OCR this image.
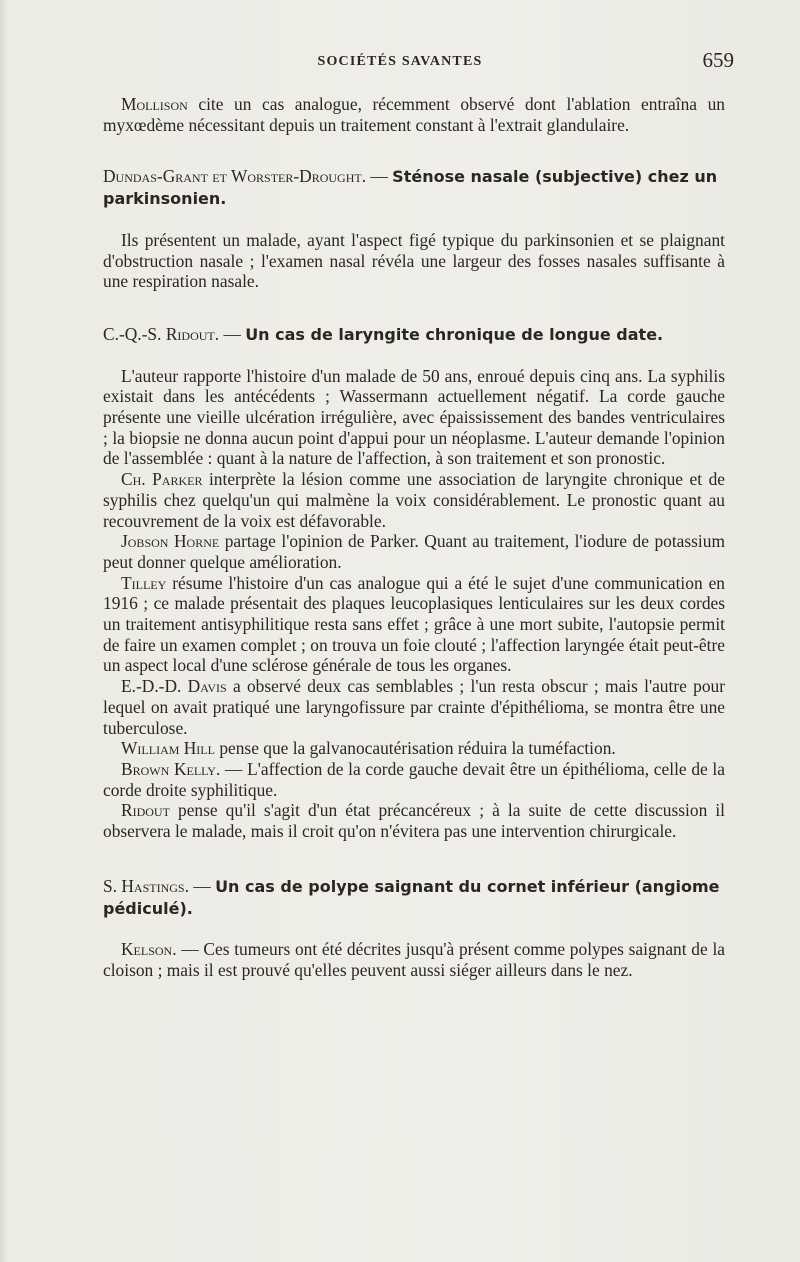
SOCIÉTÉS SAVANTES	659

Mollison cite un cas analogue, récemment observé dont l'ablation entraîna un myxœdème nécessitant depuis un traitement constant à l'extrait glandulaire.

Dundas-Grant et Worster-Drought. — Sténose nasale (subjective) chez un parkinsonien.

Ils présentent un malade, ayant l'aspect figé typique du parkinsonien et se plaignant d'obstruction nasale ; l'examen nasal révéla une largeur des fosses nasales suffisante à une respiration nasale.

C.-Q.-S. Ridout. — Un cas de laryngite chronique de longue date.

L'auteur rapporte l'histoire d'un malade de 50 ans, enroué depuis cinq ans. La syphilis existait dans les antécédents ; Wassermann actuellement négatif. La corde gauche présente une vieille ulcération irrégulière, avec épaississement des bandes ventriculaires ; la biopsie ne donna aucun point d'appui pour un néoplasme. L'auteur demande l'opinion de l'assemblée : quant à la nature de l'affection, à son traitement et son pronostic.

Ch. Parker interprète la lésion comme une association de laryngite chronique et de syphilis chez quelqu'un qui malmène la voix considérablement. Le pronostic quant au recouvrement de la voix est défavorable.

Jobson Horne partage l'opinion de Parker. Quant au traitement, l'iodure de potassium peut donner quelque amélioration.

Tilley résume l'histoire d'un cas analogue qui a été le sujet d'une communication en 1916 ; ce malade présentait des plaques leucoplasiques lenticulaires sur les deux cordes un traitement antisyphilitique resta sans effet ; grâce à une mort subite, l'autopsie permit de faire un examen complet ; on trouva un foie clouté ; l'affection laryngée était peut-être un aspect local d'une sclérose générale de tous les organes.

E.-D.-D. Davis a observé deux cas semblables ; l'un resta obscur ; mais l'autre pour lequel on avait pratiqué une laryngofissure par crainte d'épithélioma, se montra être une tuberculose.

William Hill pense que la galvanocautérisation réduira la tuméfaction.

Brown Kelly. — L'affection de la corde gauche devait être un épithélioma, celle de la corde droite syphilitique.

Ridout pense qu'il s'agit d'un état précancéreux ; à la suite de cette discussion il observera le malade, mais il croit qu'on n'évitera pas une intervention chirurgicale.

S. Hastings. — Un cas de polype saignant du cornet inférieur (angiome pédiculé).

Kelson. — Ces tumeurs ont été décrites jusqu'à présent comme polypes saignant de la cloison ; mais il est prouvé qu'elles peuvent aussi siéger ailleurs dans le nez.
